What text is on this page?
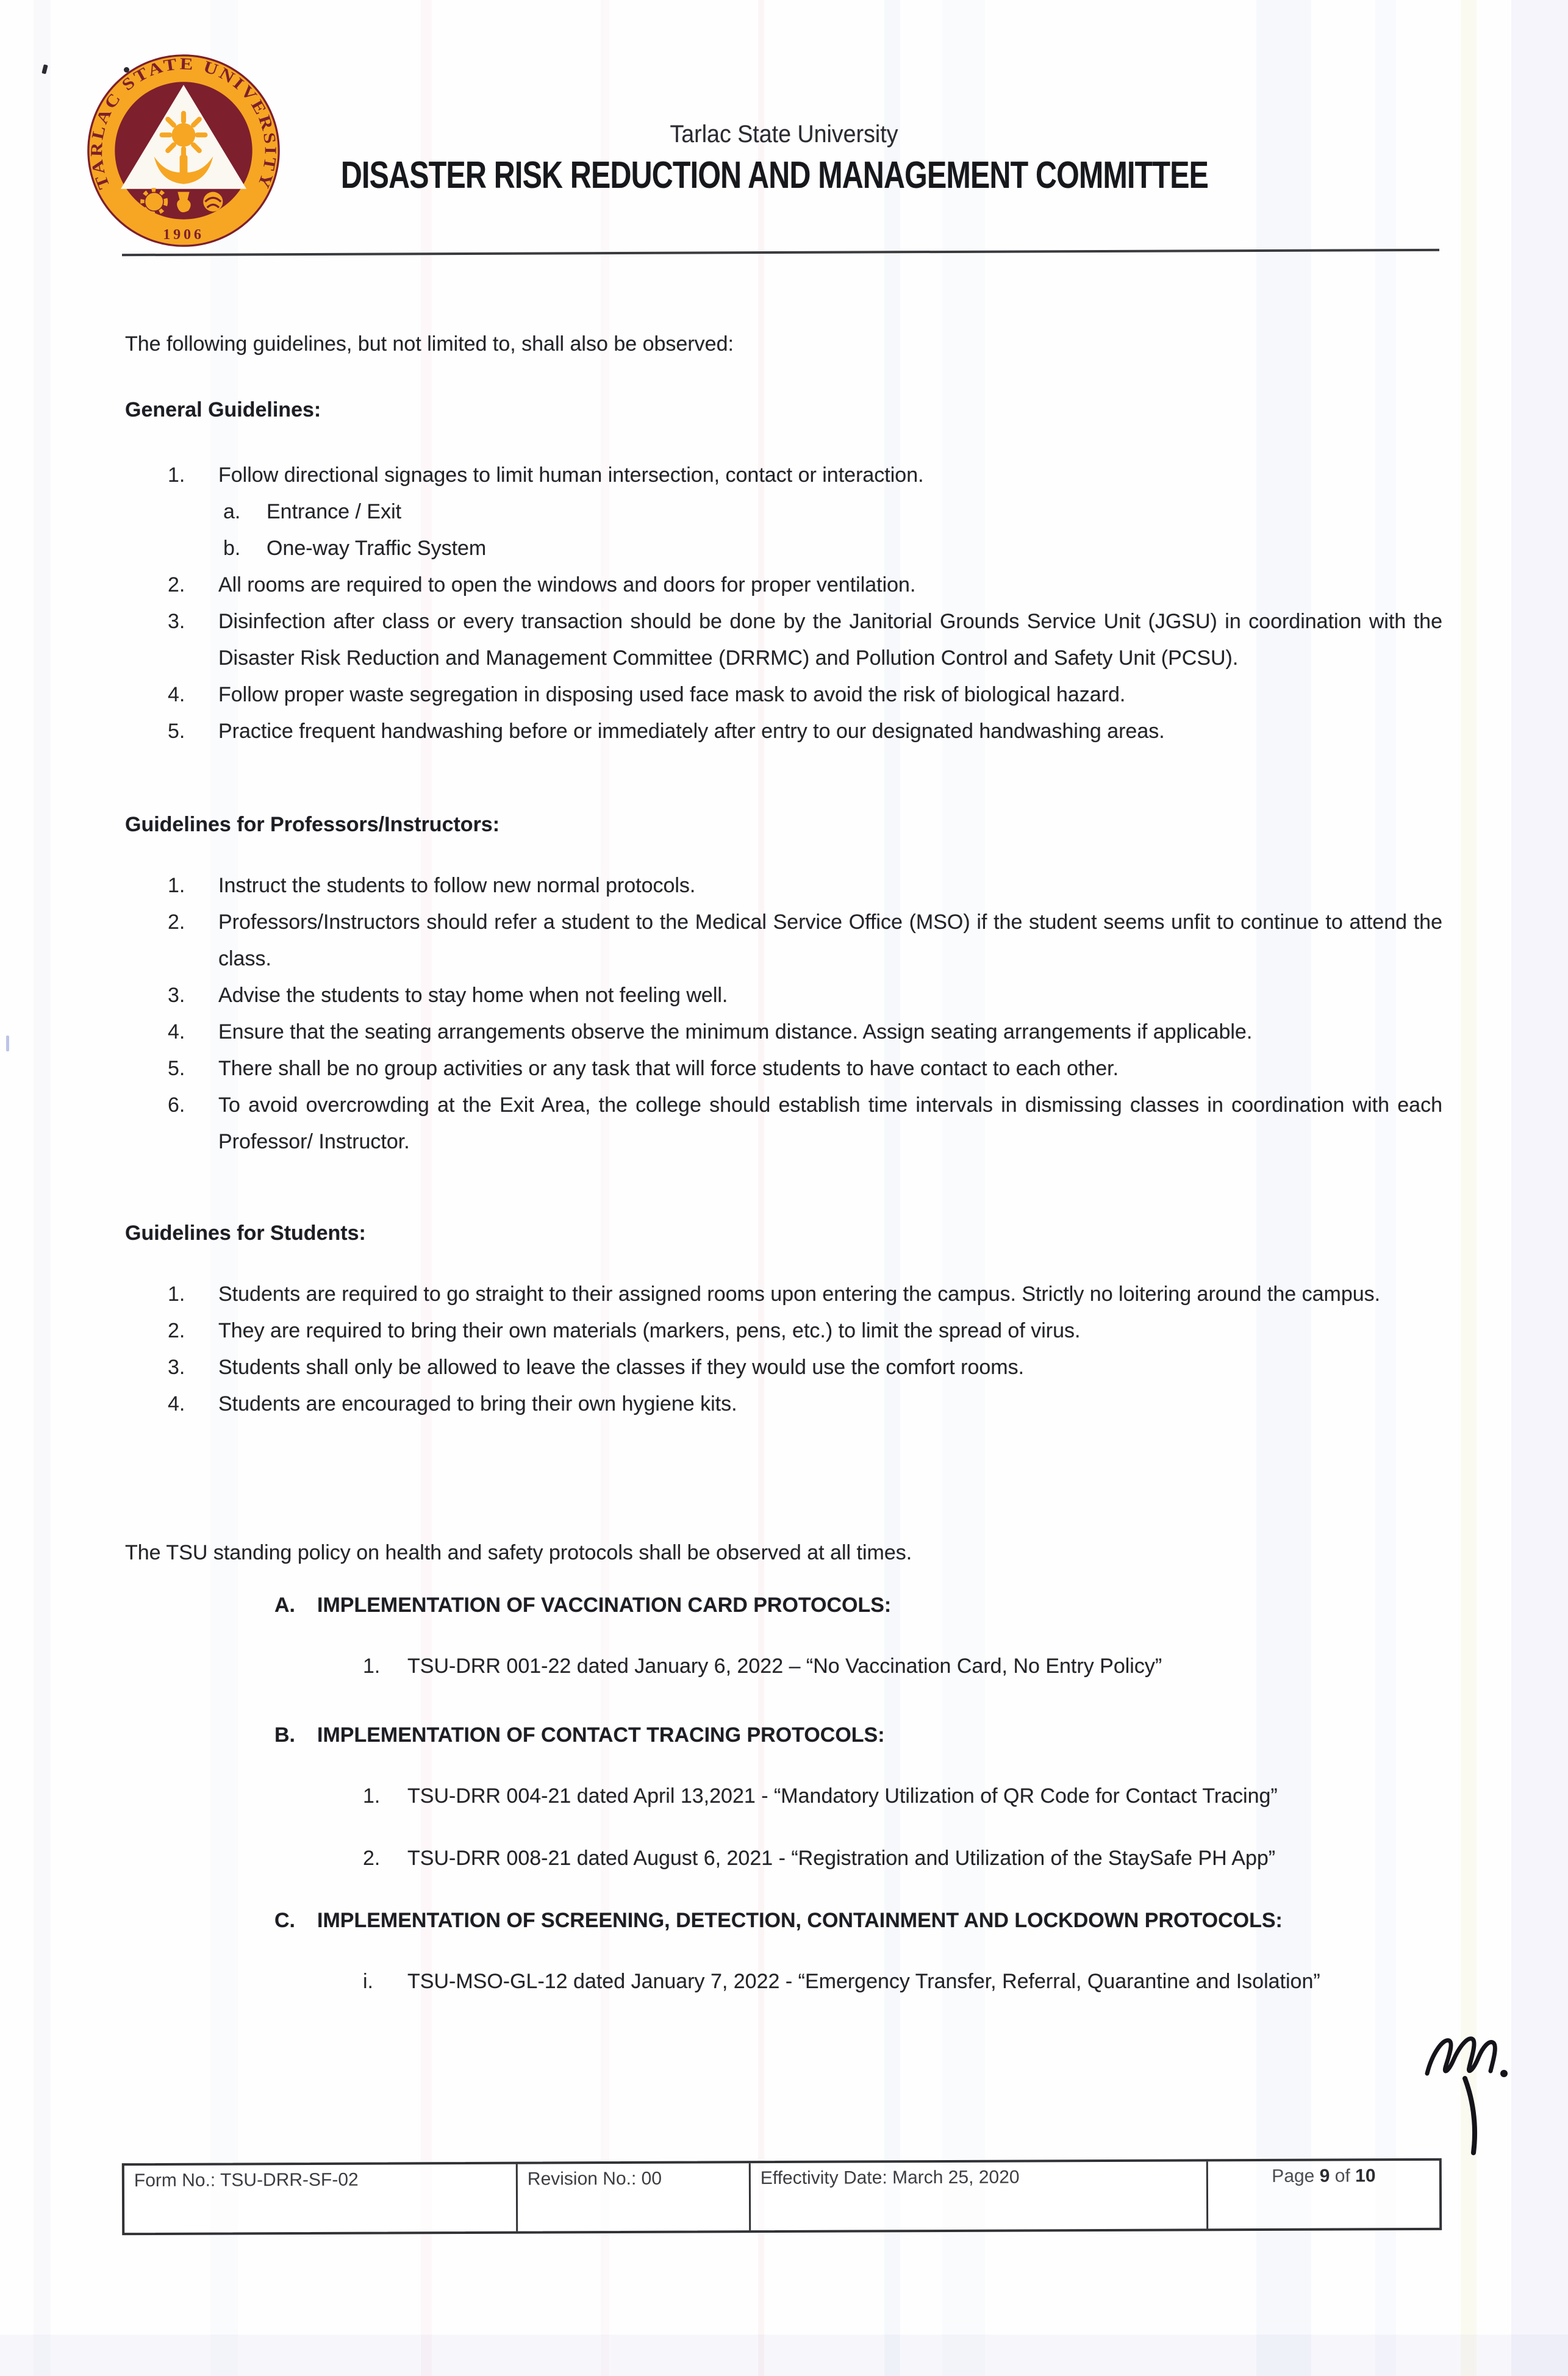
TARLAC STATE UNIVERSITY
1906
Tarlac State University
DISASTER RISK REDUCTION AND MANAGEMENT COMMITTEE
The following guidelines, but not limited to, shall also be observed:
General Guidelines:
1.	Follow directional signages to limit human intersection, contact or interaction.
a.	Entrance / Exit
b.	One-way Traffic System
2.	All rooms are required to open the windows and doors for proper ventilation.
3.	Disinfection after class or every transaction should be done by the Janitorial Grounds Service Unit (JGSU) in coordination with the Disaster Risk Reduction and Management Committee (DRRMC) and Pollution Control and Safety Unit (PCSU).
4.	Follow proper waste segregation in disposing used face mask to avoid the risk of biological hazard.
5.	Practice frequent handwashing before or immediately after entry to our designated handwashing areas.
Guidelines for Professors/Instructors:
1.	Instruct the students to follow new normal protocols.
2.	Professors/Instructors should refer a student to the Medical Service Office (MSO) if the student seems unfit to continue to attend the class.
3.	Advise the students to stay home when not feeling well.
4.	Ensure that the seating arrangements observe the minimum distance. Assign seating arrangements if applicable.
5.	There shall be no group activities or any task that will force students to have contact to each other.
6.	To avoid overcrowding at the Exit Area, the college should establish time intervals in dismissing classes in coordination with each Professor/ Instructor.
Guidelines for Students:
1.	Students are required to go straight to their assigned rooms upon entering the campus. Strictly no loitering around the campus.
2.	They are required to bring their own materials (markers, pens, etc.) to limit the spread of virus.
3.	Students shall only be allowed to leave the classes if they would use the comfort rooms.
4.	Students are encouraged to bring their own hygiene kits.
The TSU standing policy on health and safety protocols shall be observed at all times.
A.	IMPLEMENTATION OF VACCINATION CARD PROTOCOLS:
1.	TSU-DRR 001-22 dated January 6, 2022 – “No Vaccination Card, No Entry Policy”
B.	IMPLEMENTATION OF CONTACT TRACING PROTOCOLS:
1.	TSU-DRR 004-21 dated April 13,2021 - “Mandatory Utilization of QR Code for Contact Tracing”
2.	TSU-DRR 008-21 dated August 6, 2021 - “Registration and Utilization of the StaySafe PH App”
C.	IMPLEMENTATION OF SCREENING, DETECTION, CONTAINMENT AND LOCKDOWN PROTOCOLS:
i.	TSU-MSO-GL-12 dated January 7, 2022 - “Emergency Transfer, Referral, Quarantine and Isolation”
Form No.: TSU-DRR-SF-02	Revision No.: 00	Effectivity Date: March 25, 2020	Page 9 of 10
